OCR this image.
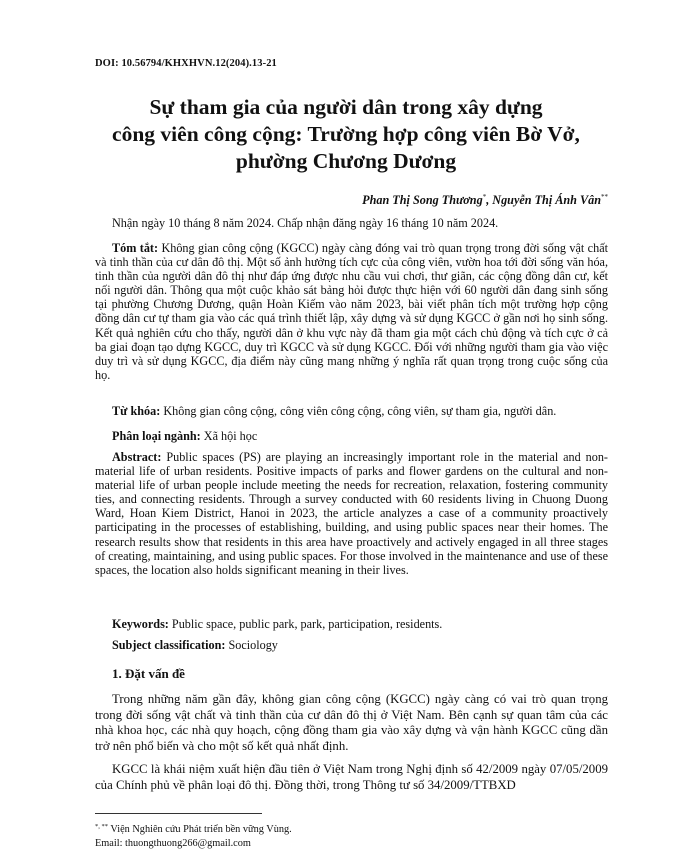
DOI: 10.56794/KHXHVN.12(204).13-21
Sự tham gia của người dân trong xây dựng
công viên công cộng: Trường hợp công viên Bờ Vở,
phường Chương Dương
Phan Thị Song Thương*, Nguyễn Thị Ánh Vân**
Nhận ngày 10 tháng 8 năm 2024. Chấp nhận đăng ngày 16 tháng 10 năm 2024.
Tóm tắt: Không gian công cộng (KGCC) ngày càng đóng vai trò quan trọng trong đời sống vật chất và tinh thần của cư dân đô thị. Một số ảnh hưởng tích cực của công viên, vườn hoa tới đời sống văn hóa, tinh thần của người dân đô thị như đáp ứng được nhu cầu vui chơi, thư giãn, các cộng đồng dân cư, kết nối người dân. Thông qua một cuộc khảo sát bảng hỏi được thực hiện với 60 người dân đang sinh sống tại phường Chương Dương, quận Hoàn Kiếm vào năm 2023, bài viết phân tích một trường hợp cộng đồng dân cư tự tham gia vào các quá trình thiết lập, xây dựng và sử dụng KGCC ở gần nơi họ sinh sống. Kết quả nghiên cứu cho thấy, người dân ở khu vực này đã tham gia một cách chủ động và tích cực ở cả ba giai đoạn tạo dựng KGCC, duy trì KGCC và sử dụng KGCC. Đối với những người tham gia vào việc duy trì và sử dụng KGCC, địa điểm này cũng mang những ý nghĩa rất quan trọng trong cuộc sống của họ.
Từ khóa: Không gian công cộng, công viên công cộng, công viên, sự tham gia, người dân.
Phân loại ngành: Xã hội học
Abstract: Public spaces (PS) are playing an increasingly important role in the material and non-material life of urban residents. Positive impacts of parks and flower gardens on the cultural and non-material life of urban people include meeting the needs for recreation, relaxation, fostering community ties, and connecting residents. Through a survey conducted with 60 residents living in Chuong Duong Ward, Hoan Kiem District, Hanoi in 2023, the article analyzes a case of a community proactively participating in the processes of establishing, building, and using public spaces near their homes. The research results show that residents in this area have proactively and actively engaged in all three stages of creating, maintaining, and using public spaces. For those involved in the maintenance and use of these spaces, the location also holds significant meaning in their lives.
Keywords: Public space, public park, park, participation, residents.
Subject classification: Sociology
1. Đặt vấn đề
Trong những năm gần đây, không gian công cộng (KGCC) ngày càng có vai trò quan trọng trong đời sống vật chất và tinh thần của cư dân đô thị ở Việt Nam. Bên cạnh sự quan tâm của các nhà khoa học, các nhà quy hoạch, cộng đồng tham gia vào xây dựng và vận hành KGCC cũng dần trở nên phổ biến và cho một số kết quả nhất định.
KGCC là khái niệm xuất hiện đầu tiên ở Việt Nam trong Nghị định số 42/2009 ngày 07/05/2009 của Chính phủ về phân loại đô thị. Đồng thời, trong Thông tư số 34/2009/TTBXD
*, ** Viện Nghiên cứu Phát triển bền vững Vùng.
Email: thuongthuong266@gmail.com
